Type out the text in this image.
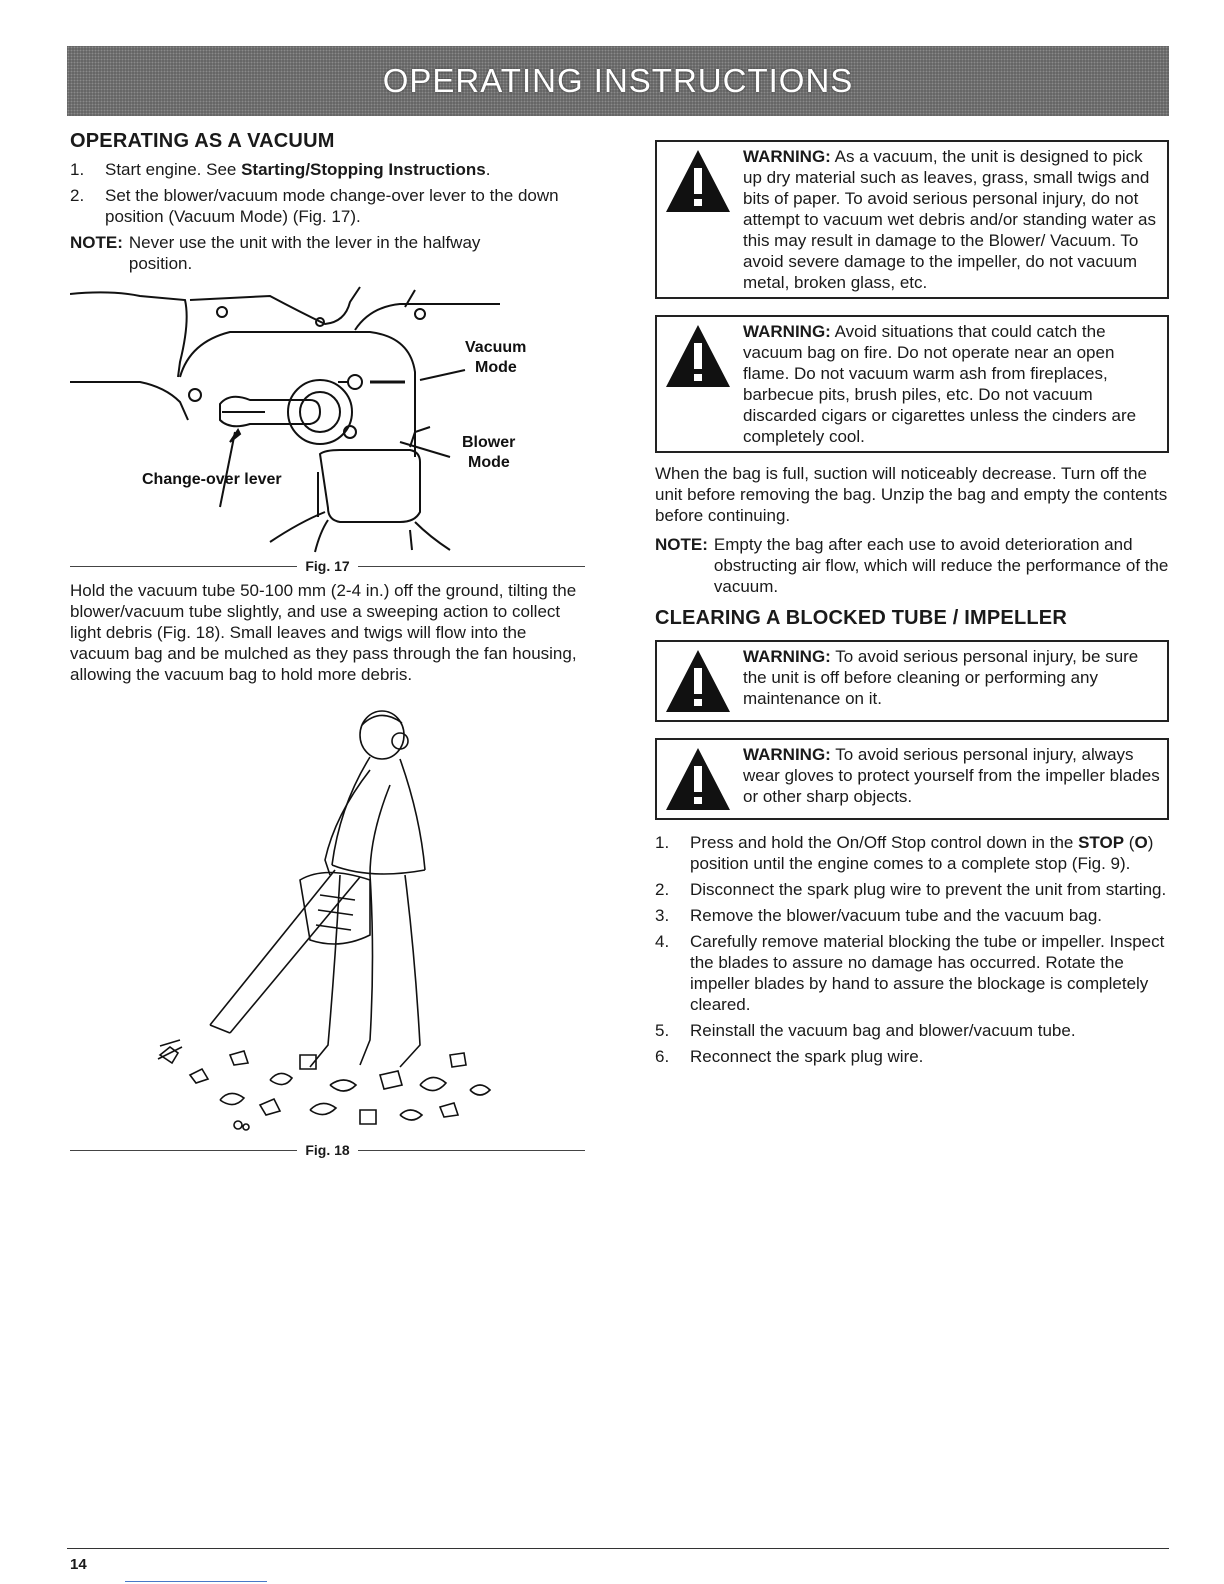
OPERATING INSTRUCTIONS
OPERATING AS A VACUUM
1.	Start engine. See Starting/Stopping Instructions.
2.	Set the blower/vacuum mode change-over lever to the down position (Vacuum Mode) (Fig. 17).
NOTE: Never use the unit with the lever in the halfway position.
Vacuum
Mode
Blower
Mode
Change-over lever
Fig. 17

Hold the vacuum tube 50-100 mm (2-4 in.) off the ground, tilting the blower/vacuum tube slightly, and use a sweeping action to collect light debris (Fig. 18). Small leaves and twigs will flow into the vacuum bag and be mulched as they pass through the fan housing, allowing the vacuum bag to hold more debris.

Fig. 18
WARNING: As a vacuum, the unit is designed to pick up dry material such as leaves, grass, small twigs and bits of paper. To avoid serious personal injury, do not attempt to vacuum wet debris and/or standing water as this may result in damage to the Blower/ Vacuum. To avoid severe damage to the impeller, do not vacuum metal, broken glass, etc.
WARNING: Avoid situations that could catch the vacuum bag on fire. Do not operate near an open flame. Do not vacuum warm ash from fireplaces, barbecue pits, brush piles, etc. Do not vacuum discarded cigars or cigarettes unless the cinders are completely cool.

When the bag is full, suction will noticeably decrease. Turn off the unit before removing the bag. Unzip the bag and empty the contents before continuing.

NOTE: Empty the bag after each use to avoid deterioration and obstructing air flow, which will reduce the performance of the vacuum.
CLEARING A BLOCKED TUBE / IMPELLER
WARNING: To avoid serious personal injury, be sure the unit is off before cleaning or performing any maintenance on it.
WARNING: To avoid serious personal injury, always wear gloves to protect yourself from the impeller blades or other sharp objects.
1.	Press and hold the On/Off Stop control down in the STOP (O) position until the engine comes to a complete stop (Fig. 9).
2.	Disconnect the spark plug wire to prevent the unit from starting.
3.	Remove the blower/vacuum tube and the vacuum bag.
4.	Carefully remove material blocking the tube or impeller. Inspect the blades to assure no damage has occurred. Rotate the impeller blades by hand to assure the blockage is completely cleared.
5.	Reinstall the vacuum bag and blower/vacuum tube.
6.	Reconnect the spark plug wire.
14
